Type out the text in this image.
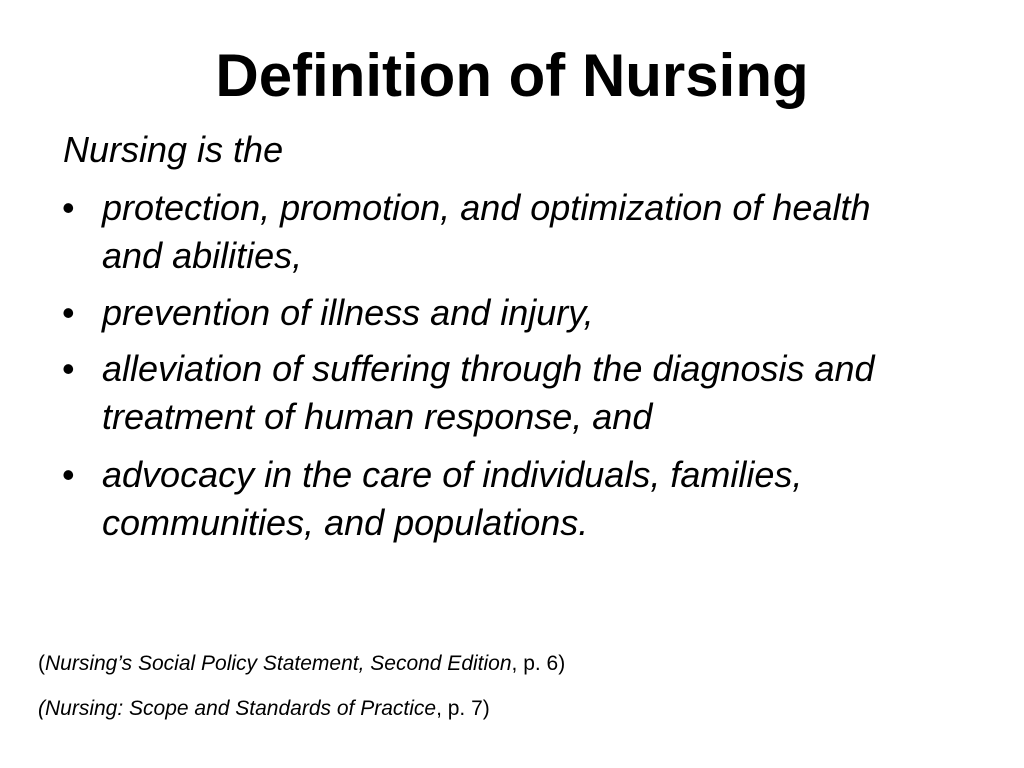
Definition of Nursing
Nursing is the
• protection, promotion, and optimization of health
and abilities,
• prevention of illness and injury,
• alleviation of suffering through the diagnosis and
treatment of human response, and
• advocacy in the care of individuals, families,
communities, and populations.
(Nursing’s Social Policy Statement, Second Edition, p. 6)
(Nursing: Scope and Standards of Practice, p. 7)
